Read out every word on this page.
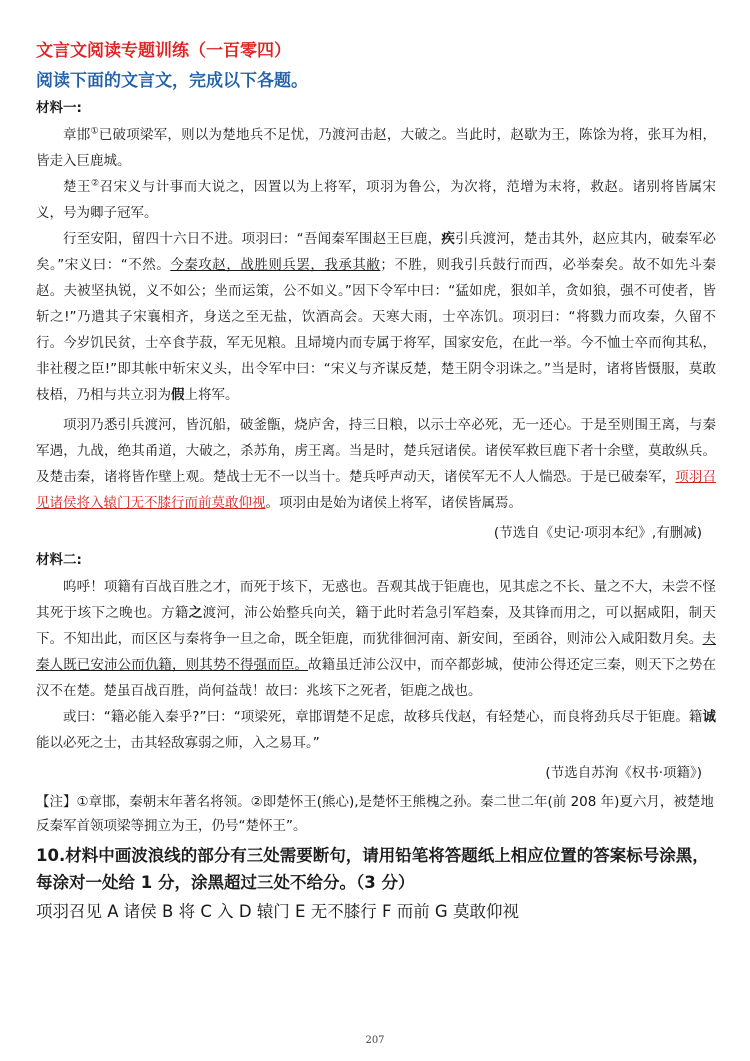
文言文阅读专题训练（一百零四）
阅读下面的文言文，完成以下各题。
材料一:

章邯①已破项梁军，则以为楚地兵不足忧，乃渡河击赵，大破之。当此时，赵歇为王，陈馀为将，张耳为相，皆走入巨鹿城。

楚王②召宋义与计事而大说之，因置以为上将军，项羽为鲁公，为次将，范增为末将，救赵。诸别将皆属宋义，号为卿子冠军。

行至安阳，留四十六日不进。项羽曰：“吾闻秦军围赵王巨鹿，疾引兵渡河，楚击其外，赵应其内，破秦军必矣。”宋义曰：“不然。今秦攻赵，战胜则兵罢，我承其敝；不胜，则我引兵鼓行而西，必举秦矣。故不如先斗秦赵。夫被坚执锐，义不如公；坐而运策，公不如义。”因下令军中曰：“猛如虎，狠如羊，贪如狼，强不可使者，皆斩之!”乃遣其子宋襄相齐，身送之至无盐，饮酒高会。天寒大雨，士卒冻饥。项羽曰：“将戮力而攻秦，久留不行。今岁饥民贫，士卒食芋菽，军无见粮。且埽境内而专属于将军，国家安危，在此一举。今不恤士卒而徇其私，非社稷之臣!”即其帐中斩宋义头，出令军中曰：“宋义与齐谋反楚，楚王阴令羽诛之。”当是时，诸将皆慑服，莫敢枝梧，乃相与共立羽为假上将军。

项羽乃悉引兵渡河，皆沉船，破釜甑，烧庐舍，持三日粮，以示士卒必死，无一还心。于是至则围王离，与秦军遇，九战，绝其甬道，大破之，杀苏角，虏王离。当是时，楚兵冠诸侯。诸侯军救巨鹿下者十余壁，莫敢纵兵。及楚击秦，诸将皆作壁上观。楚战士无不一以当十。楚兵呼声动天，诸侯军无不人人惴恐。于是已破秦军，项羽召见诸侯将入辕门无不膝行而前莫敢仰视。项羽由是始为诸侯上将军，诸侯皆属焉。

(节选自《史记·项羽本纪》,有删减)
材料二:

呜呼！项籍有百战百胜之才，而死于垓下，无惑也。吾观其战于钜鹿也，见其虑之不长、量之不大，未尝不怪其死于垓下之晚也。方籍之渡河，沛公始整兵向关，籍于此时若急引军趋秦，及其锋而用之，可以据咸阳，制天下。不知出此，而区区与秦将争一旦之命，既全钜鹿，而犹徘徊河南、新安间，至函谷，则沛公入咸阳数月矣。夫秦人既已安沛公而仇籍，则其势不得强而臣。故籍虽迁沛公汉中，而卒都彭城，使沛公得还定三秦，则天下之势在汉不在楚。楚虽百战百胜，尚何益哉！故曰：兆垓下之死者，钜鹿之战也。

或曰：“籍必能入秦乎?”曰：“项梁死，章邯谓楚不足虑，故移兵伐赵，有轻楚心，而良将劲兵尽于钜鹿。籍诚能以必死之士，击其轻敌寡弱之师，入之易耳。”

(节选自苏洵《权书·项籍》)

【注】①章邯，秦朝末年著名将领。②即楚怀王(熊心),是楚怀王熊槐之孙。秦二世二年(前 208 年)夏六月，被楚地反秦军首领项梁等拥立为王，仍号“楚怀王”。

10.材料中画波浪线的部分有三处需要断句，请用铅笔将答题纸上相应位置的答案标号涂黑，每涂对一处给 1 分，涂黑超过三处不给分。（3 分）

项羽召见 A 诸侯 B 将 C 入 D 辕门 E 无不膝行 F 而前 G 莫敢仰视

207
